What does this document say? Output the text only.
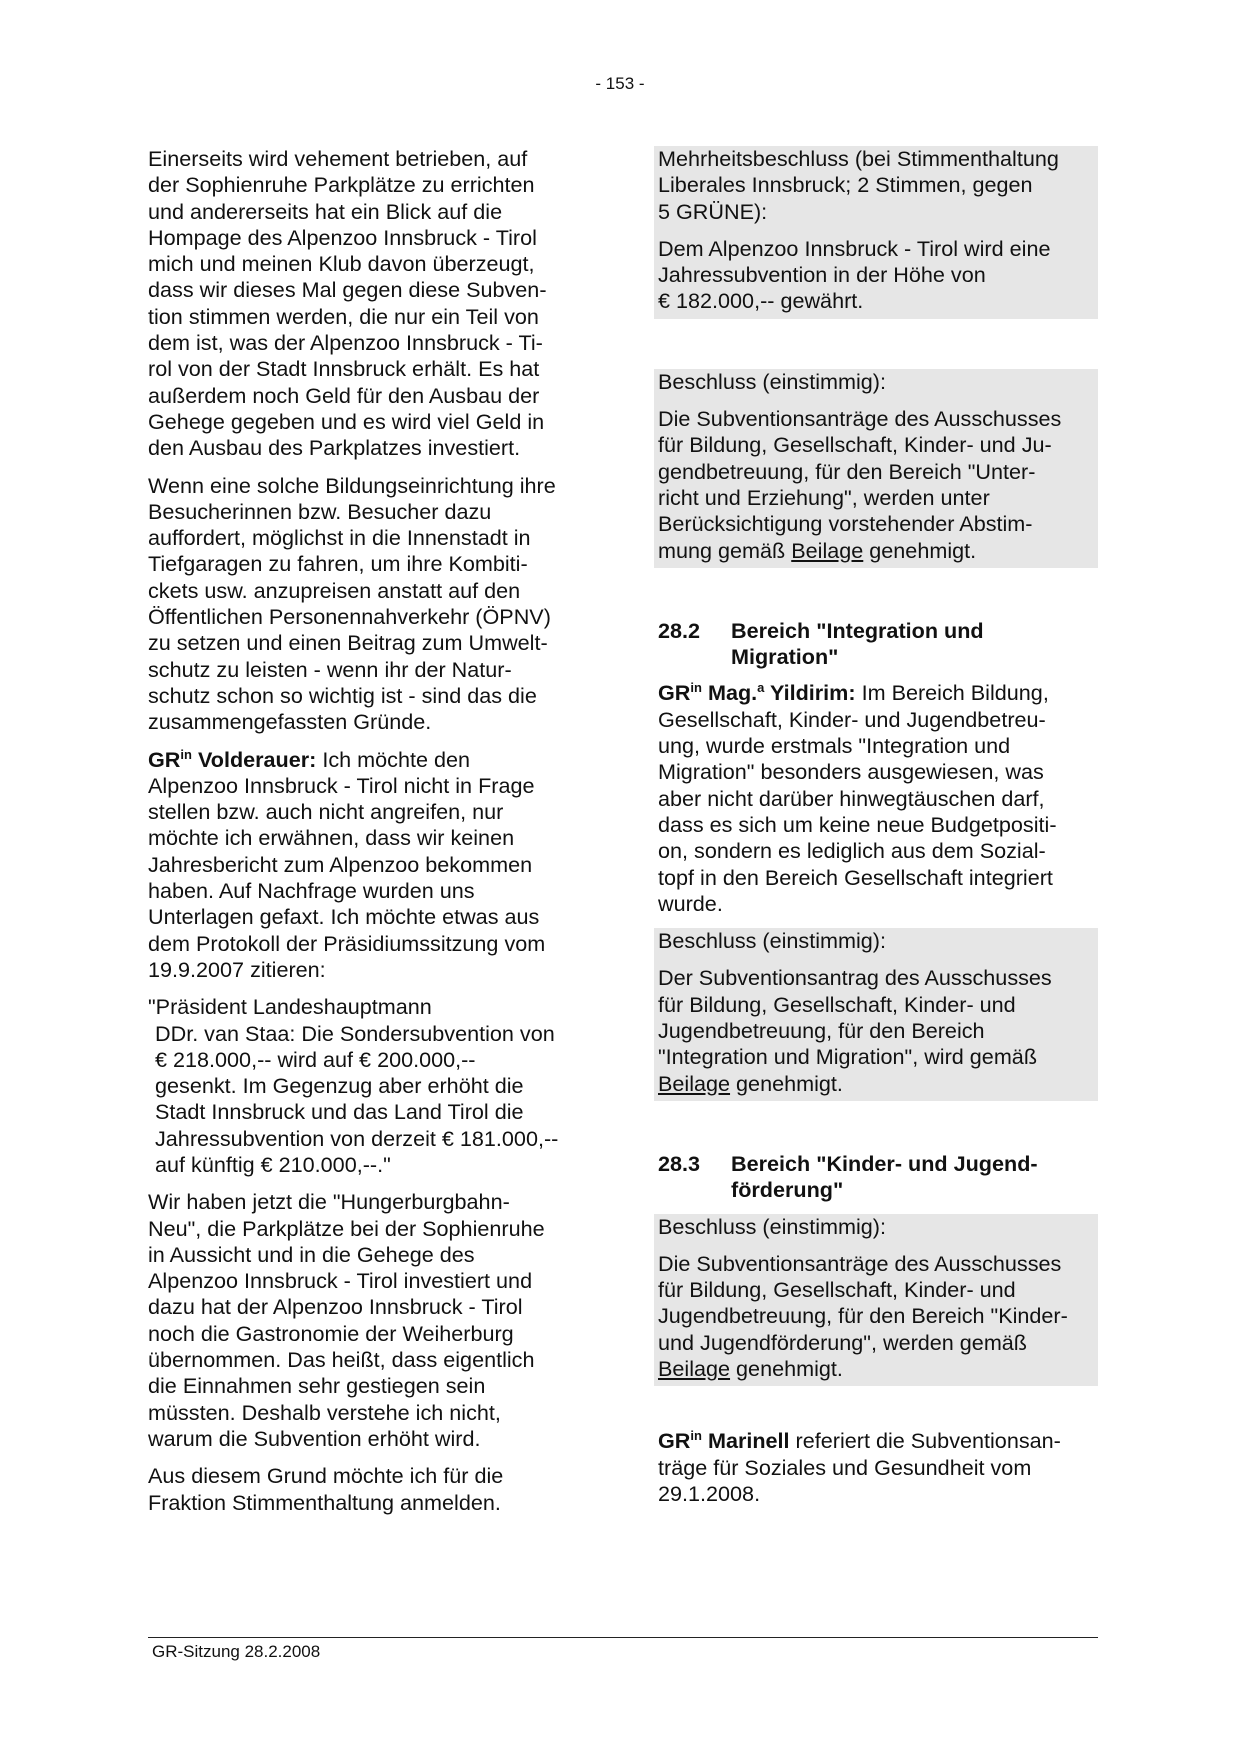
- 153 -

Einerseits wird vehement betrieben, auf
der Sophienruhe Parkplätze zu errichten
und andererseits hat ein Blick auf die
Hompage des Alpenzoo Innsbruck - Tirol
mich und meinen Klub davon überzeugt,
dass wir dieses Mal gegen diese Subven-
tion stimmen werden, die nur ein Teil von
dem ist, was der Alpenzoo Innsbruck - Ti-
rol von der Stadt Innsbruck erhält. Es hat
außerdem noch Geld für den Ausbau der
Gehege gegeben und es wird viel Geld in
den Ausbau des Parkplatzes investiert.

Wenn eine solche Bildungseinrichtung ihre
Besucherinnen bzw. Besucher dazu
auffordert, möglichst in die Innenstadt in
Tiefgaragen zu fahren, um ihre Kombiti-
ckets usw. anzupreisen anstatt auf den
Öffentlichen Personennahverkehr (ÖPNV)
zu setzen und einen Beitrag zum Umwelt-
schutz zu leisten - wenn ihr der Natur-
schutz schon so wichtig ist - sind das die
zusammengefassten Gründe.

$GR^{in}$ Volderauer: Ich möchte den
Alpenzoo Innsbruck - Tirol nicht in Frage
stellen bzw. auch nicht angreifen, nur
möchte ich erwähnen, dass wir keinen
Jahresbericht zum Alpenzoo bekommen
haben. Auf Nachfrage wurden uns
Unterlagen gefaxt. Ich möchte etwas aus
dem Protokoll der Präsidiumssitzung vom
19.9.2007 zitieren:

"Präsident Landeshauptmann
DDr. van Staa: Die Sondersubvention von
€ 218.000,-- wird auf € 200.000,--
gesenkt. Im Gegenzug aber erhöht die
Stadt Innsbruck und das Land Tirol die
Jahressubvention von derzeit € 181.000,--
auf künftig € 210.000,--."

Wir haben jetzt die "Hungerburgbahn-
Neu", die Parkplätze bei der Sophienruhe
in Aussicht und in die Gehege des
Alpenzoo Innsbruck - Tirol investiert und
dazu hat der Alpenzoo Innsbruck - Tirol
noch die Gastronomie der Weiherburg
übernommen. Das heißt, dass eigentlich
die Einnahmen sehr gestiegen sein
müssten. Deshalb verstehe ich nicht,
warum die Subvention erhöht wird.

Aus diesem Grund möchte ich für die
Fraktion Stimmenthaltung anmelden.

Mehrheitsbeschluss (bei Stimmenthaltung
Liberales Innsbruck; 2 Stimmen, gegen
5 GRÜNE):
Dem Alpenzoo Innsbruck - Tirol wird eine
Jahressubvention in der Höhe von
€ 182.000,-- gewährt.
Beschluss (einstimmig):
Die Subventionsanträge des Ausschusses
für Bildung, Gesellschaft, Kinder- und Ju-
gendbetreuung, für den Bereich "Unter-
richt und Erziehung", werden unter
Berücksichtigung vorstehender Abstim-
mung gemäß Beilage genehmigt.
28.2	Bereich "Integration und
Migration"

$GR^{in}$ Mag.$^a$ Yildirim: Im Bereich Bildung,
Gesellschaft, Kinder- und Jugendbetreu-
ung, wurde erstmals "Integration und
Migration" besonders ausgewiesen, was
aber nicht darüber hinwegtäuschen darf,
dass es sich um keine neue Budgetpositi-
on, sondern es lediglich aus dem Sozial-
topf in den Bereich Gesellschaft integriert
wurde.

Beschluss (einstimmig):
Der Subventionsantrag des Ausschusses
für Bildung, Gesellschaft, Kinder- und
Jugendbetreuung, für den Bereich
"Integration und Migration", wird gemäß
Beilage genehmigt.
28.3	Bereich "Kinder- und Jugend-
förderung"
Beschluss (einstimmig):
Die Subventionsanträge des Ausschusses
für Bildung, Gesellschaft, Kinder- und
Jugendbetreuung, für den Bereich "Kinder-
und Jugendförderung", werden gemäß
Beilage genehmigt.

$GR^{in}$ Marinell referiert die Subventionsan-
träge für Soziales und Gesundheit vom
29.1.2008.

GR-Sitzung 28.2.2008
